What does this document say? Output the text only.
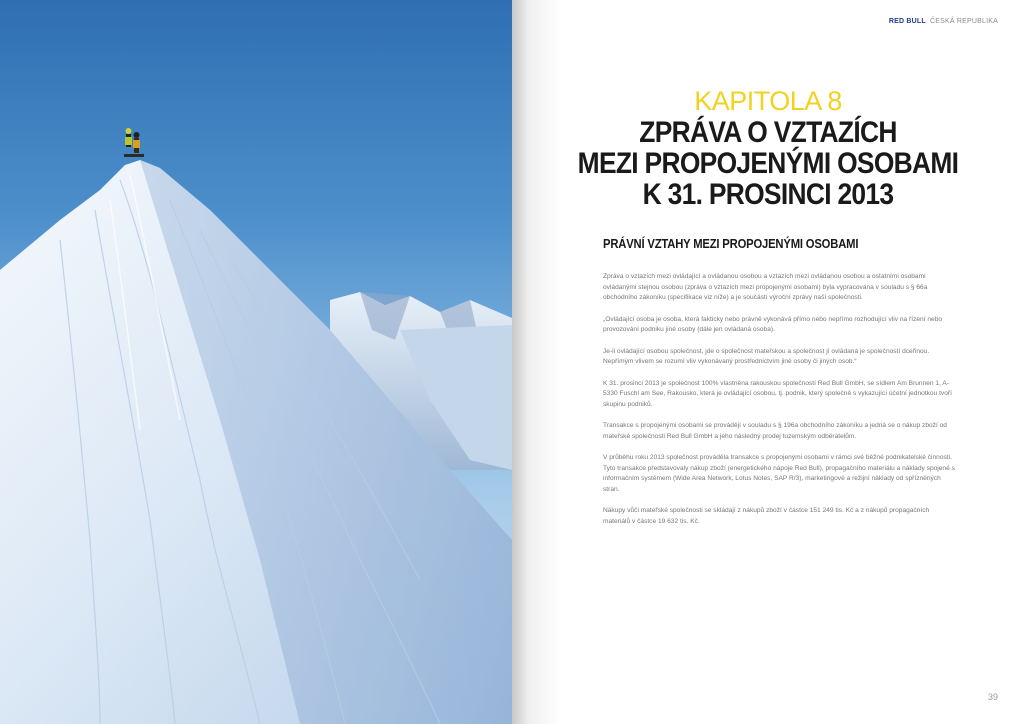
RED BULL ČESKÁ REPUBLIKA
KAPITOLA 8
ZPRÁVA O VZTAZÍCH
MEZI PROPOJENÝMI OSOBAMI
K 31. PROSINCI 2013
PRÁVNÍ VZTAHY MEZI PROPOJENÝMI OSOBAMI

Zpráva o vztazích mezi ovládající a ovládanou osobou a vztazích mezi ovládanou osobou a ostatními osobami ovládanými stejnou osobou (zpráva o vztazích mezi propojenými osobami) byla vypracována v souladu s § 66a obchodního zákoníku (specifikace viz níže) a je součástí výroční zprávy naší společnosti.

„Ovládající osoba je osoba, která fakticky nebo právně vykonává přímo nebo nepřímo rozhodující vliv na řízení nebo provozování podniku jiné osoby (dále jen ovládaná osoba).

Je-li ovládající osobou společnost, jde o společnost mateřskou a společnost jí ovládaná je společností dceřinou. Nepřímým vlivem se rozumí vliv vykonávaný prostřednictvím jiné osoby či jiných osob.“

K 31. prosinci 2013 je společnost 100% vlastněna rakouskou společností Red Bull GmbH, se sídlem Am Brunnen 1, A-5330 Fuschl am See, Rakousko, která je ovládající osobou, tj. podnik, který společně s vykazující účetní jednotkou tvoří skupinu podniků.

Transakce s propojenými osobami se provádějí v souladu s § 196a obchodního zákoníku a jedná se o nákup zboží od mateřské společnosti Red Bull GmbH a jeho následný prodej tuzemským odběratelům.

V průběhu roku 2013 společnost prováděla transakce s propojenými osobami v rámci své běžné podnikatelské činnosti. Tyto transakce představovaly nákup zboží (energetického nápoje Red Bull), propagačního materiálu a náklady spojené s informačním systémem (Wide Area Network, Lotus Notes, SAP R/3), marketingové a režijní náklady od spřízněných stran.

Nákupy vůči mateřské společnosti se skládají z nákupů zboží v částce 151 249 tis. Kč a z nákupů propagačních materiálů v částce 19 632 tis. Kč.

39
